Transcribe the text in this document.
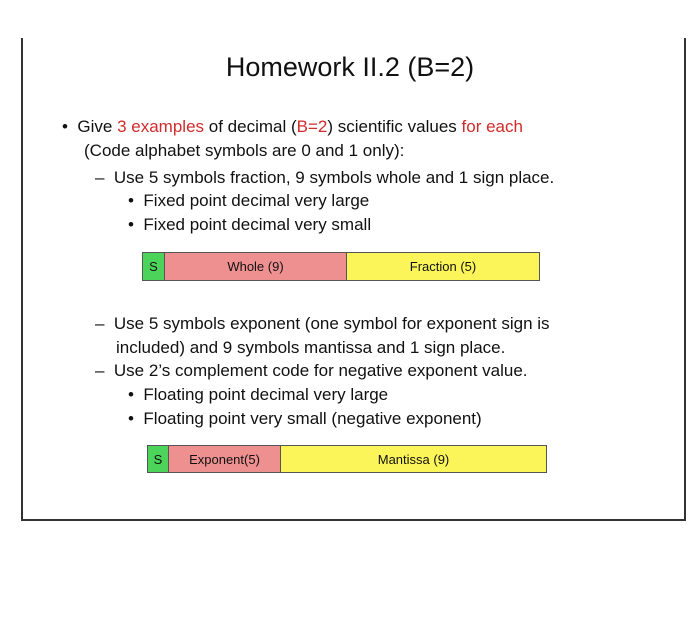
Homework II.2 (B=2)
•  Give 3 examples of decimal (B=2) scientific values for each
(Code alphabet symbols are 0 and 1 only):
–  Use 5 symbols fraction, 9 symbols whole and 1 sign place.
•  Fixed point decimal very large
•  Fixed point decimal very small
S	Whole (9)	Fraction (5)
–  Use 5 symbols exponent (one symbol for exponent sign is
included) and 9 symbols mantissa and 1 sign place.
–  Use 2’s complement code for negative exponent value.
•  Floating point decimal very large
•  Floating point very small (negative exponent)
S	Exponent(5)	Mantissa (9)
